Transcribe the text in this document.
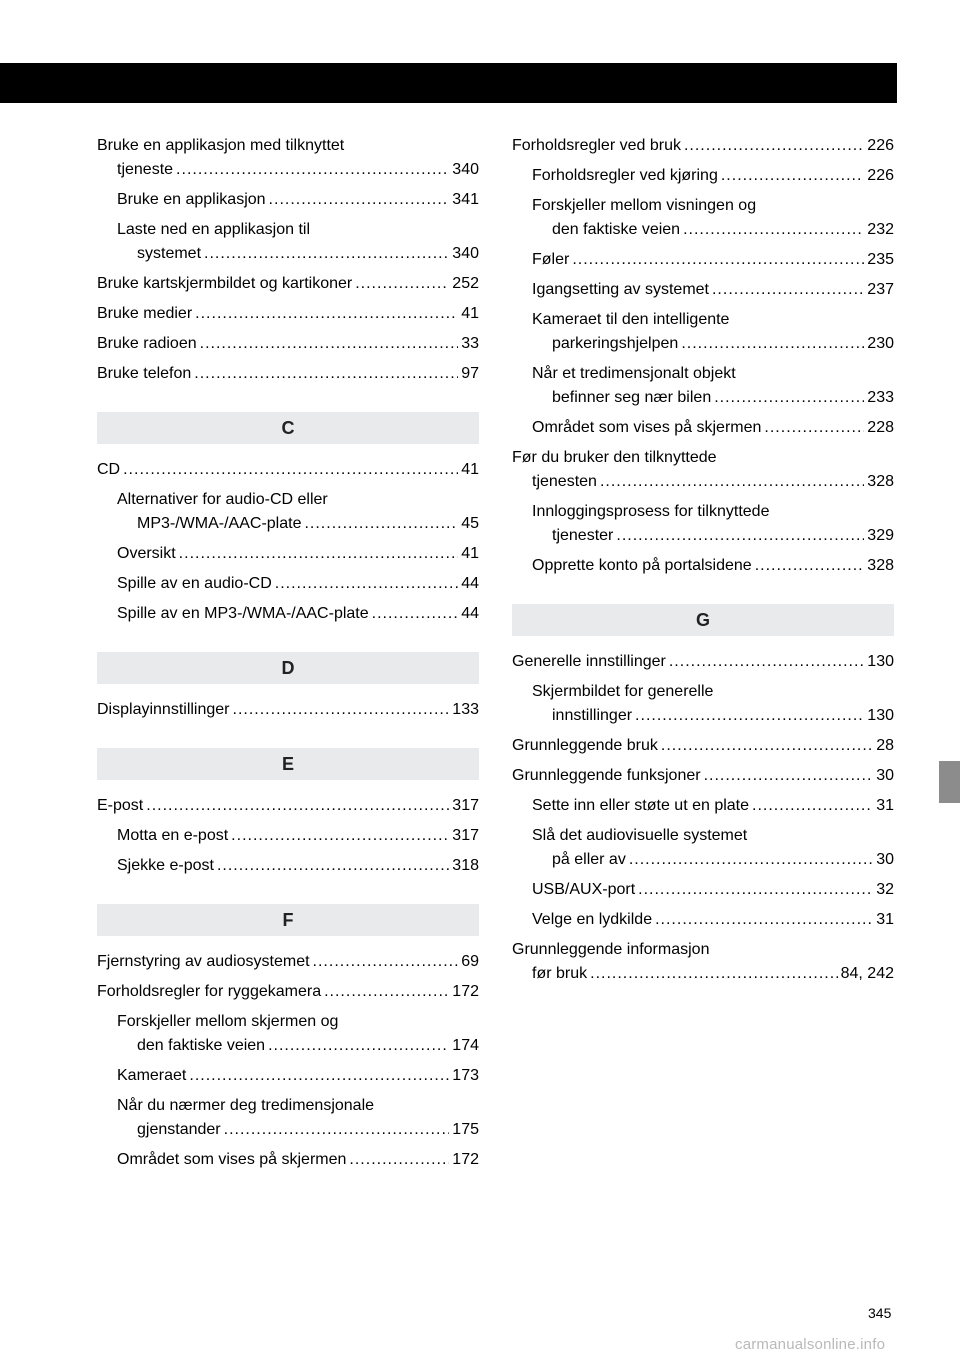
Bruke en applikasjon med tilknyttet
tjeneste .....	340
Bruke en applikasjon .....	341
Laste ned en applikasjon til
systemet .....	340
Bruke kartskjermbildet og kartikoner .....	252
Bruke medier .....	41
Bruke radioen .....	33
Bruke telefon .....	97
C
CD .....	41
Alternativer for audio-CD eller
MP3-/WMA-/AAC-plate .....	45
Oversikt .....	41
Spille av en audio-CD .....	44
Spille av en MP3-/WMA-/AAC-plate .....	44
D
Displayinnstillinger .....	133
E
E-post .....	317
Motta en e-post .....	317
Sjekke e-post .....	318
F
Fjernstyring av audiosystemet .....	69
Forholdsregler for ryggekamera .....	172
Forskjeller mellom skjermen og
den faktiske veien .....	174
Kameraet .....	173
Når du nærmer deg tredimensjonale
gjenstander .....	175
Området som vises på skjermen .....	172
Forholdsregler ved bruk .....	226
Forholdsregler ved kjøring .....	226
Forskjeller mellom visningen og
den faktiske veien .....	232
Føler .....	235
Igangsetting av systemet .....	237
Kameraet til den intelligente
parkeringshjelpen .....	230
Når et tredimensjonalt objekt
befinner seg nær bilen .....	233
Området som vises på skjermen .....	228
Før du bruker den tilknyttede
tjenesten .....	328
Innloggingsprosess for tilknyttede
tjenester .....	329
Opprette konto på portalsidene .....	328
G
Generelle innstillinger .....	130
Skjermbildet for generelle
innstillinger .....	130
Grunnleggende bruk .....	28
Grunnleggende funksjoner .....	30
Sette inn eller støte ut en plate .....	31
Slå det audiovisuelle systemet
på eller av .....	30
USB/AUX-port .....	32
Velge en lydkilde .....	31
Grunnleggende informasjon
før bruk .....	84, 242
345
carmanualsonline.info
